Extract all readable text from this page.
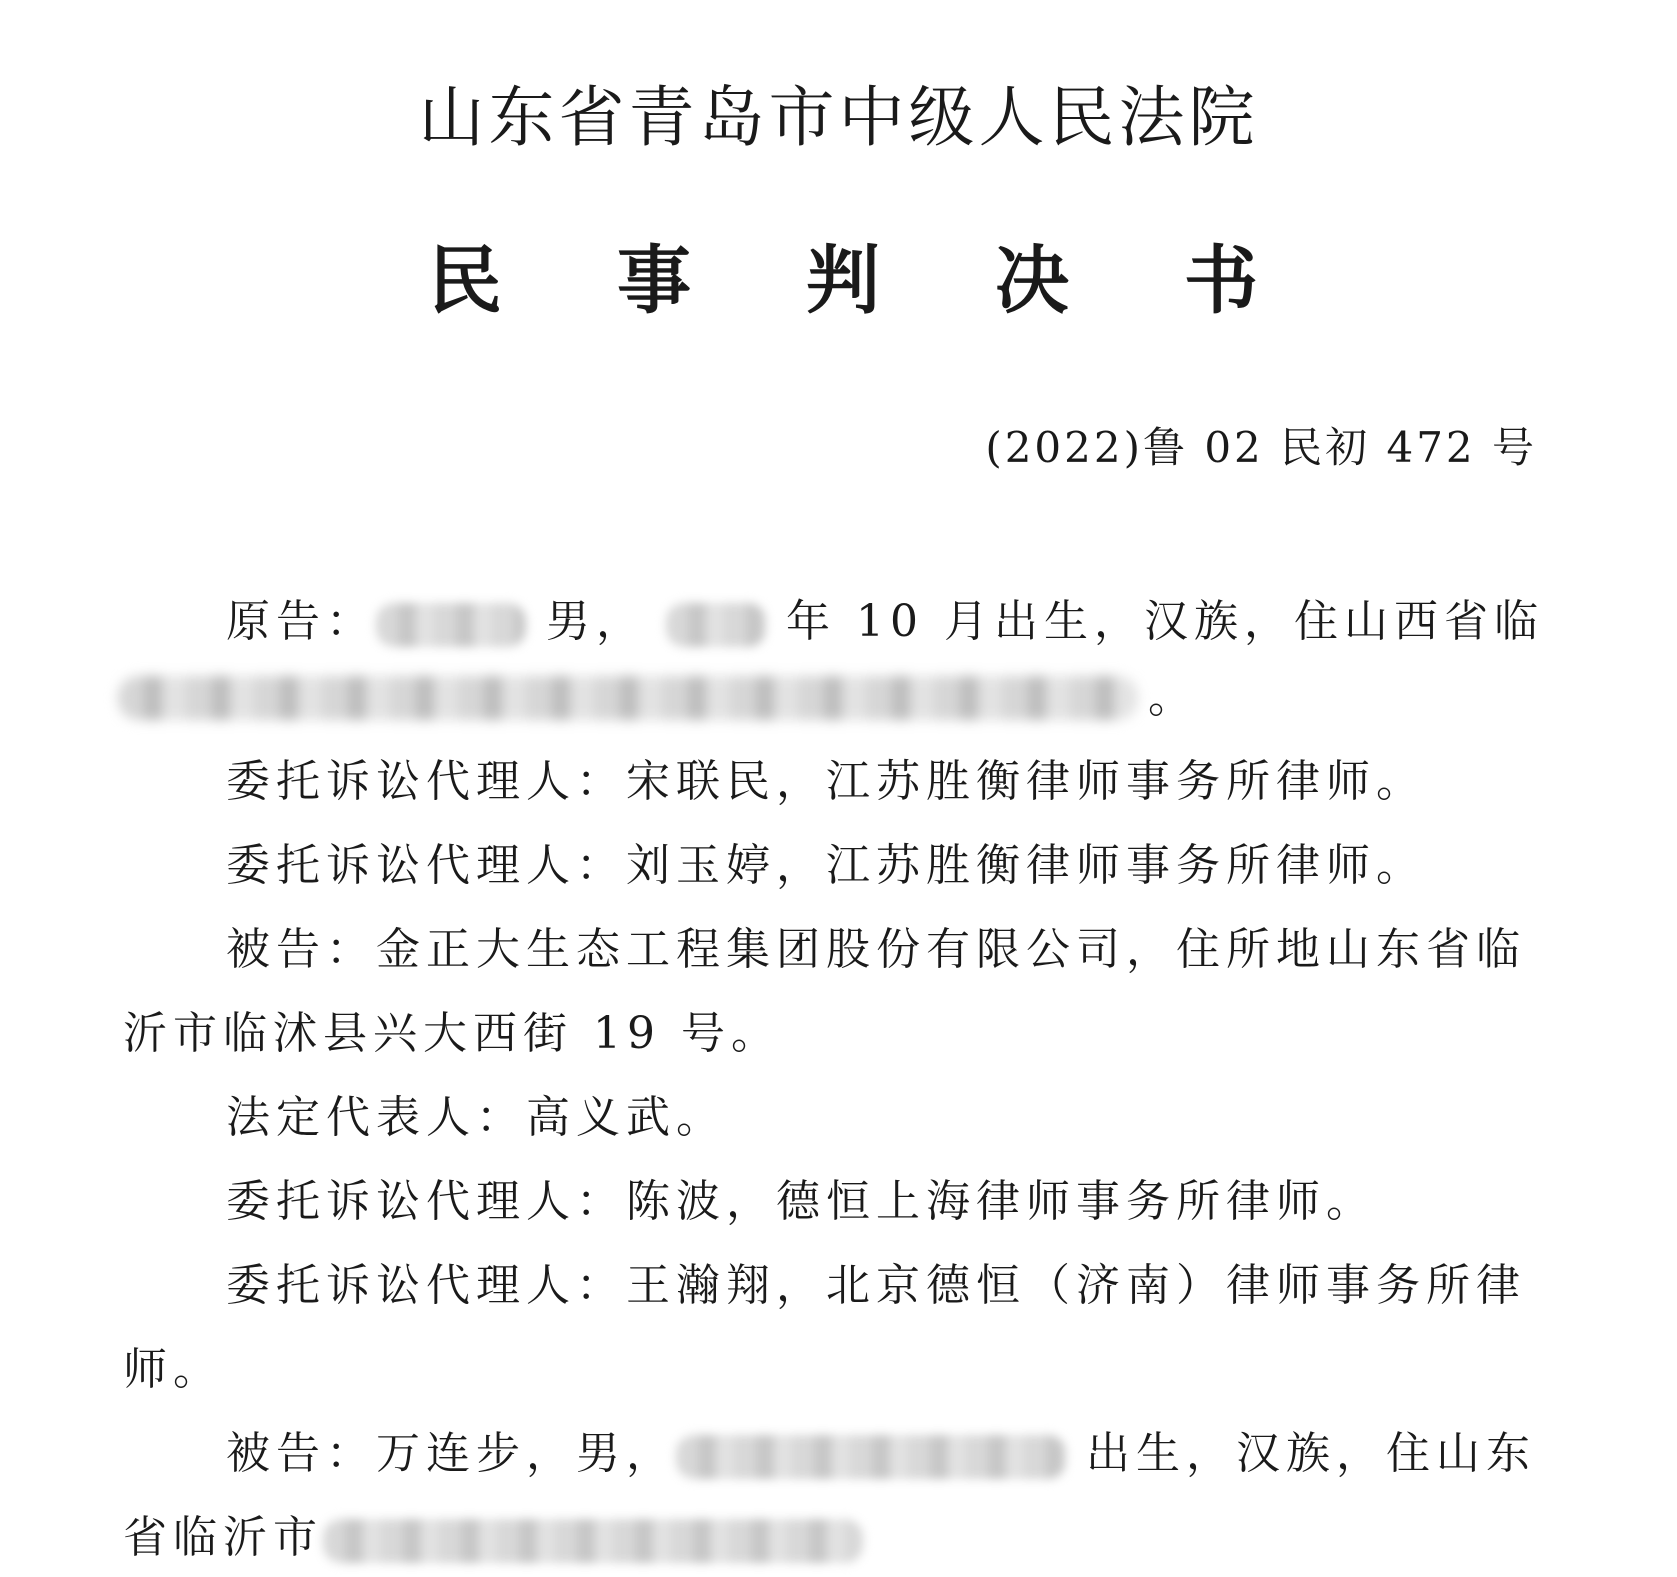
山东省青岛市中级人民法院
民 事 判 决 书
(2022)鲁 02 民初 472 号
原告：	男，	年 10 月出生，汉族，住山西省临
。
委托诉讼代理人：宋联民，江苏胜衡律师事务所律师。
委托诉讼代理人：刘玉婷，江苏胜衡律师事务所律师。
被告：金正大生态工程集团股份有限公司，住所地山东省临
沂市临沭县兴大西街 19 号。
法定代表人：高义武。
委托诉讼代理人：陈波，德恒上海律师事务所律师。
委托诉讼代理人：王瀚翔，北京德恒（济南）律师事务所律
师。
被告：万连步，男，	出生，汉族，住山东
省临沂市
